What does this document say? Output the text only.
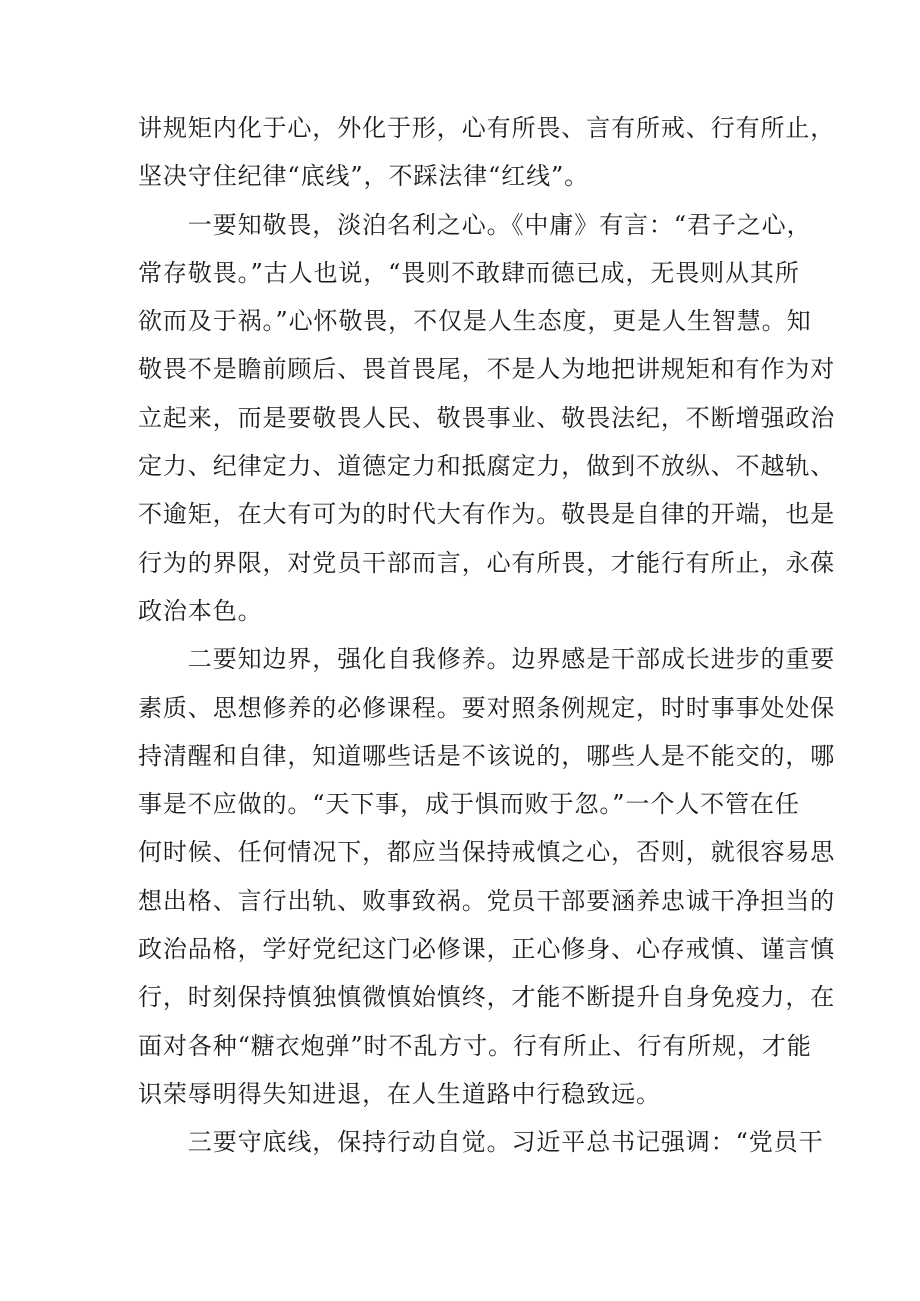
讲规矩内化于心，外化于形，心有所畏、言有所戒、行有所止，
坚决守住纪律“底线”，不踩法律“红线”。
　　一要知敬畏，淡泊名利之心。《中庸》有言：“君子之心，
常存敬畏。”古人也说，“畏则不敢肆而德已成，无畏则从其所
欲而及于祸。”心怀敬畏，不仅是人生态度，更是人生智慧。知
敬畏不是瞻前顾后、畏首畏尾，不是人为地把讲规矩和有作为对
立起来，而是要敬畏人民、敬畏事业、敬畏法纪，不断增强政治
定力、纪律定力、道德定力和抵腐定力，做到不放纵、不越轨、
不逾矩，在大有可为的时代大有作为。敬畏是自律的开端，也是
行为的界限，对党员干部而言，心有所畏，才能行有所止，永葆
政治本色。
　　二要知边界，强化自我修养。边界感是干部成长进步的重要
素质、思想修养的必修课程。要对照条例规定，时时事事处处保
持清醒和自律，知道哪些话是不该说的，哪些人是不能交的，哪
事是不应做的。“天下事，成于惧而败于忽。”一个人不管在任
何时候、任何情况下，都应当保持戒慎之心，否则，就很容易思
想出格、言行出轨、败事致祸。党员干部要涵养忠诚干净担当的
政治品格，学好党纪这门必修课，正心修身、心存戒慎、谨言慎
行，时刻保持慎独慎微慎始慎终，才能不断提升自身免疫力，在
面对各种“糖衣炮弹”时不乱方寸。行有所止、行有所规，才能
识荣辱明得失知进退，在人生道路中行稳致远。
　　三要守底线，保持行动自觉。习近平总书记强调：“党员干
